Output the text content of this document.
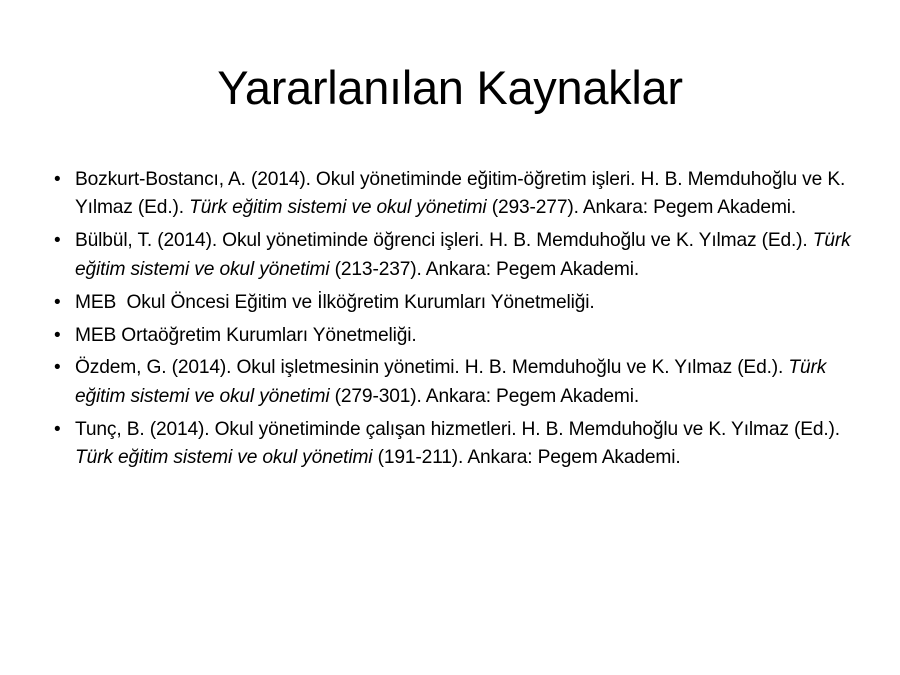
Yararlanılan Kaynaklar
• Bozkurt-Bostancı, A. (2014). Okul yönetiminde eğitim-öğretim işleri. H. B. Memduhoğlu ve K. Yılmaz (Ed.). Türk eğitim sistemi ve okul yönetimi (293-277). Ankara: Pegem Akademi.
• Bülbül, T. (2014). Okul yönetiminde öğrenci işleri. H. B. Memduhoğlu ve K. Yılmaz (Ed.). Türk eğitim sistemi ve okul yönetimi (213-237). Ankara: Pegem Akademi.
• MEB  Okul Öncesi Eğitim ve İlköğretim Kurumları Yönetmeliği.
• MEB Ortaöğretim Kurumları Yönetmeliği.
• Özdem, G. (2014). Okul işletmesinin yönetimi. H. B. Memduhoğlu ve K. Yılmaz (Ed.). Türk eğitim sistemi ve okul yönetimi (279-301). Ankara: Pegem Akademi.
• Tunç, B. (2014). Okul yönetiminde çalışan hizmetleri. H. B. Memduhoğlu ve K. Yılmaz (Ed.). Türk eğitim sistemi ve okul yönetimi (191-211). Ankara: Pegem Akademi.
